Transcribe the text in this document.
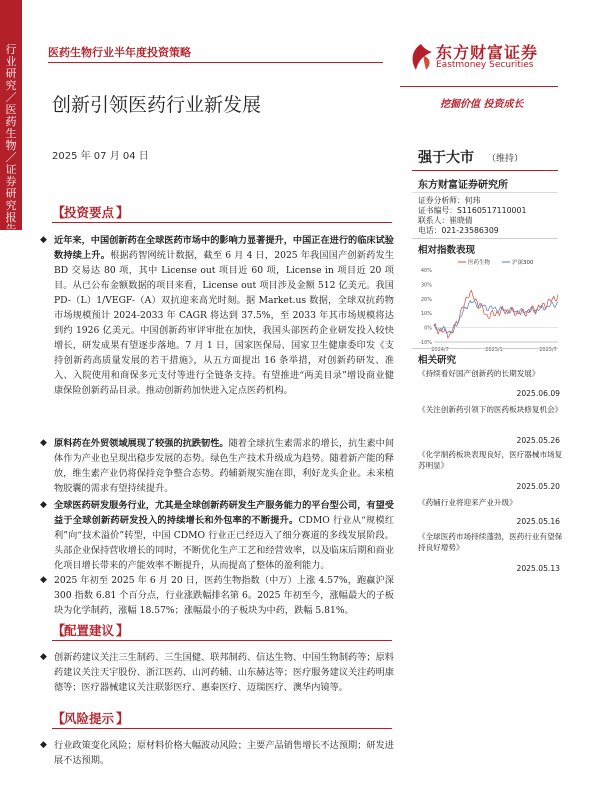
行业研究／医药生物／证券研究报告
医药生物行业半年度投资策略	东方财富证券
Eastmoney Securities
挖掘价值 投资成长
创新引领医药行业新发展
2025 年 07 月 04 日
【
投资要点 】
◆ 近年来，中国创新药在全球医药市场中的影响力显著提升，中国正在进行的临床试验数持续上升。根据药智网统计数据，截至 6 月 4 日，2025 年我国国产创新药发生 BD 交易达 80 项，其中 License out 项目近 60 项，License in 项目近 20 项目。从已公布金额数据的项目来看，License out 项目涉及金额 512 亿美元。我国 PD-（L）1/VEGF-（A）双抗迎来高光时刻。据 Market.us 数据，全球双抗药物市场规模预计 2024-2033 年 CAGR 将达到 37.5%，至 2033 年其市场规模将达到约 1926 亿美元。中国创新药审评审批在加快，我国头部医药企业研发投入较快增长，研发成果有望逐步落地。7 月 1 日，国家医保局、国家卫生健康委印发《支持创新药高质量发展的若干措施》，从五方面提出 16 条举措，对创新药研发、准入、入院使用和商保多元支付等进行全链条支持。有望推进“两美目录”增设商业健康保险创新药品目录。推动创新药加快进入定点医药机构。
◆ 原料药在外贸领域展现了较强的抗跌韧性。随着全球抗生素需求的增长，抗生素中间体作为产业也呈现出稳步发展的态势。绿色生产技术升级成为趋势。随着新产能的释放，维生素产业仍将保持竞争整合态势。药辅新规实施在即，利好龙头企业。未来植物胶囊的需求有望持续提升。
◆ 全球医药研发服务行业，尤其是全球创新药研发生产服务能力的平台型公司，有望受益于全球创新药研发投入的持续增长和外包率的不断提升。CDMO 行业从“规模红利”向“技术溢价”转型，中国 CDMO 行业正已经迈入了细分赛道的多线发展阶段。头部企业保持营收增长的同时，不断优化生产工艺和经营效率，以及临床后期和商业化项目增长带来的产能效率不断提升，从而提高了整体的盈利能力。
◆ 2025 年初至 2025 年 6 月 20 日，医药生物指数（中万）上涨 4.57%，跑赢沪深 300 指数 6.81 个百分点，行业涨跌幅排名第 6。2025 年初至今，涨幅最大的子板块为化学制药，涨幅 18.57%；涨幅最小的子板块为中药，跌幅 5.81%。
【
配置建议 】
◆ 创新药建议关注三生制药、三生国健、联邦制药、信达生物、中国生物制药等；原料药建议关注天宇股份、浙江医药、山河药辅、山东赫达等；医疗服务建议关注药明康德等；医疗器械建议关注联影医疗、惠泰医疗、迈瑞医疗、澳华内镜等。
【
风险提示 】
◆ 行业政策变化风险；原材料价格大幅波动风险；主要产品销售增长不达预期；研发进展不达预期。
强于大市 （维持）
东方财富证券研究所
证券分析师：何玮
证书编号：S1160517110001
相对指数表现
40%
30%
20%
10%
0%
-10%
2024/7	2025/1	2025/7
医药生物	沪深300
相关研究
《持续看好国产创新药的长期发展》
2025.06.09
《关注创新药引领下的医药板块修复机会》
2025.05.26
《化学制药板块表现良好，医疗器械市场复苏明显》
2025.05.20
《药辅行业将迎来产业升级》
2025.05.16
《全球医药市场持续蓬勃，医药行业有望保持良好增势》
2025.05.13
联系人：崔晓倩
电话：021-23586309
